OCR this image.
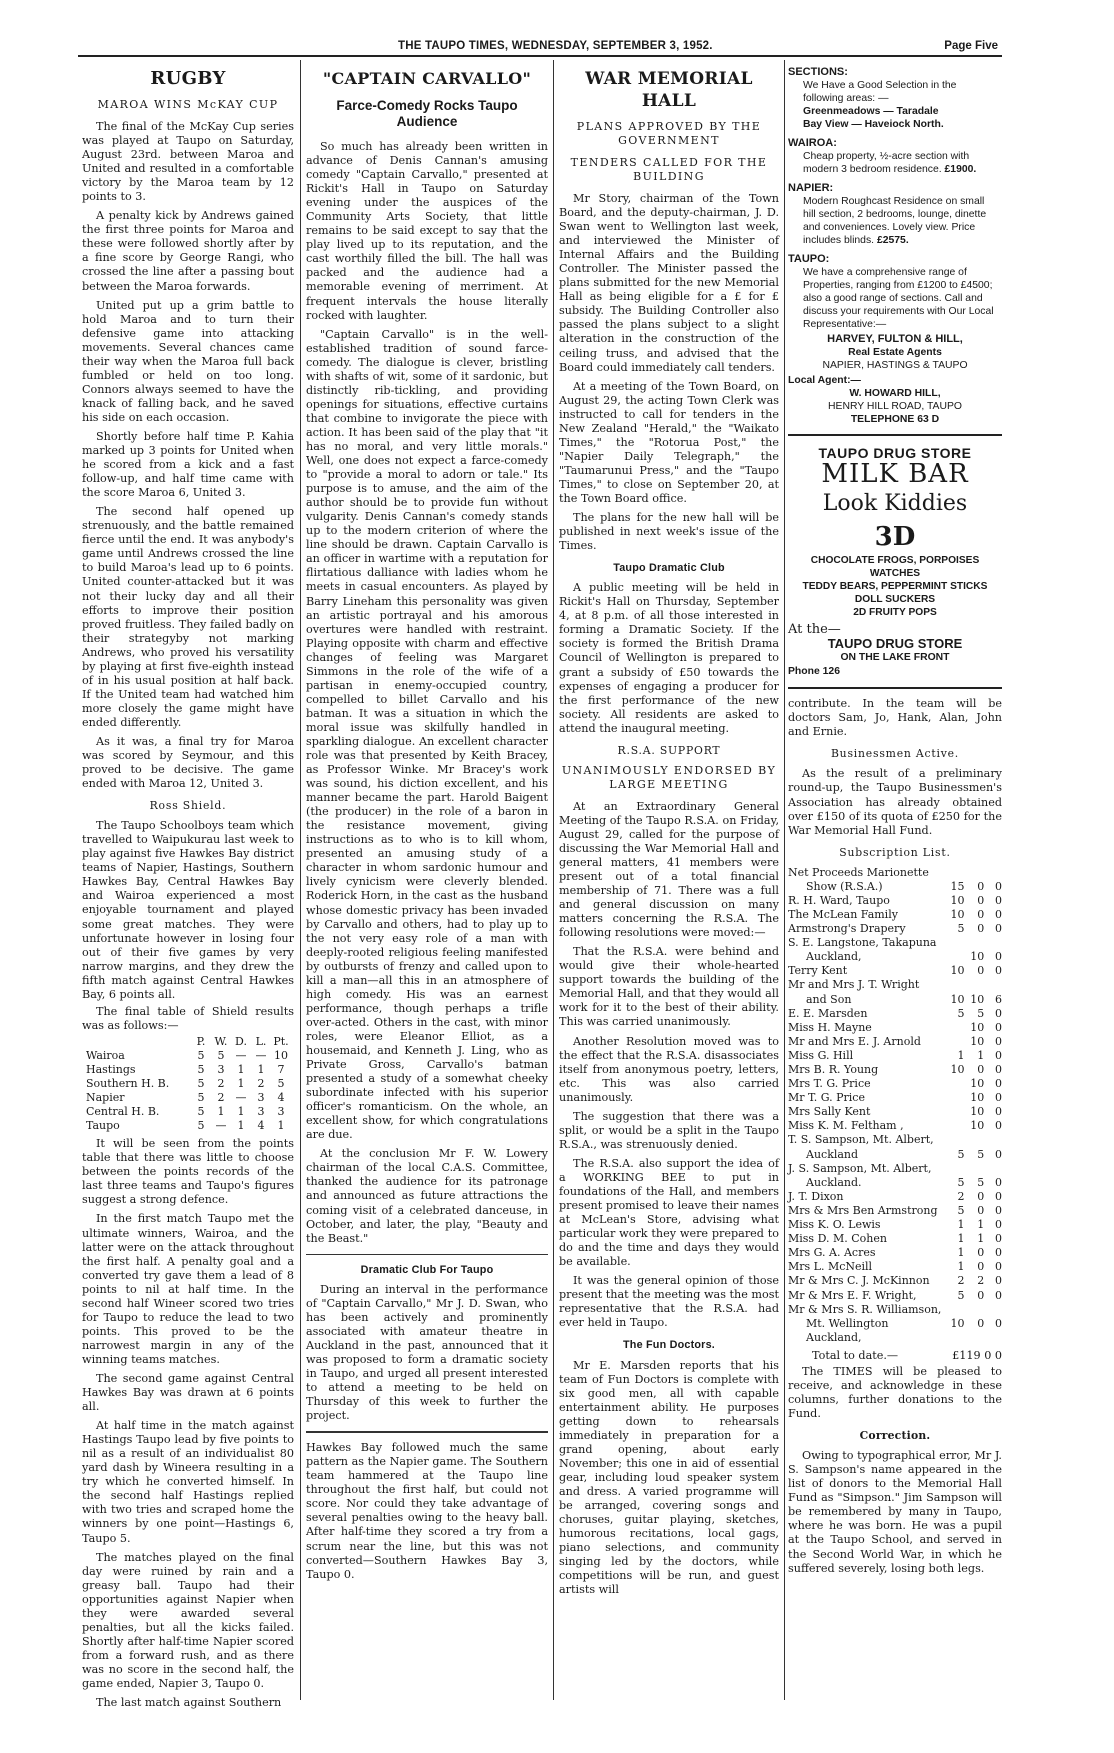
THE TAUPO TIMES, WEDNESDAY, SEPTEMBER 3, 1952.	Page Five
RUGBY
MAROA WINS McKAY CUP

The final of the McKay Cup series was played at Taupo on Saturday, August 23rd. between Maroa and United and resulted in a comfortable victory by the Maroa team by 12 points to 3.

A penalty kick by Andrews gained the first three points for Maroa and these were followed shortly after by a fine score by George Rangi, who crossed the line after a passing bout between the Maroa forwards.

United put up a grim battle to hold Maroa and to turn their defensive game into attacking movements. Several chances came their way when the Maroa full back fumbled or held on too long. Connors always seemed to have the knack of falling back, and he saved his side on each occasion.

Shortly before half time P. Kahia marked up 3 points for United when he scored from a kick and a fast follow-up, and half time came with the score Maroa 6, United 3.

The second half opened up strenuously, and the battle remained fierce until the end. It was anybody's game until Andrews crossed the line to build Maroa's lead up to 6 points. United counter-attacked but it was not their lucky day and all their efforts to improve their position proved fruitless. They failed badly on their strategyby not marking Andrews, who proved his versatility by playing at first five-eighth instead of in his usual position at half back. If the United team had watched him more closely the game might have ended differently.

As it was, a final try for Maroa was scored by Seymour, and this proved to be decisive. The game ended with Maroa 12, United 3.

Ross Shield.

The Taupo Schoolboys team which travelled to Waipukurau last week to play against five Hawkes Bay district teams of Napier, Hastings, Southern Hawkes Bay, Central Hawkes Bay and Wairoa experienced a most enjoyable tournament and played some great matches. They were unfortunate however in losing four out of their five games by very narrow margins, and they drew the fifth match against Central Hawkes Bay, 6 points all.

The final table of Shield results was as follows:—

	P.	W.	D.	L.	Pt.
Wairoa	5	5	—	—	10
Hastings	5	3	1	1	7
Southern H. B.	5	2	1	2	5
Napier	5	2	—	3	4
Central H. B.	5	1	1	3	3
Taupo	5	—	1	4	1

It will be seen from the points table that there was little to choose between the points records of the last three teams and Taupo's figures suggest a strong defence.

In the first match Taupo met the ultimate winners, Wairoa, and the latter were on the attack throughout the first half. A penalty goal and a converted try gave them a lead of 8 points to nil at half time. In the second half Wineer scored two tries for Taupo to reduce the lead to two points. This proved to be the narrowest margin in any of the winning teams matches.

The second game against Central Hawkes Bay was drawn at 6 points all.

At half time in the match against Hastings Taupo lead by five points to nil as a result of an individualist 80 yard dash by Wineera resulting in a try which he converted himself. In the second half Hastings replied with two tries and scraped home the winners by one point—Hastings 6, Taupo 5.

The matches played on the final day were ruined by rain and a greasy ball. Taupo had their opportunities against Napier when they were awarded several penalties, but all the kicks failed. Shortly after half-time Napier scored from a forward rush, and as there was no score in the second half, the game ended, Napier 3, Taupo 0.

The last match against Southern

"CAPTAIN CARVALLO"
Farce-Comedy Rocks Taupo Audience

So much has already been written in advance of Denis Cannan's amusing comedy "Captain Carvallo," presented at Rickit's Hall in Taupo on Saturday evening under the auspices of the Community Arts Society, that little remains to be said except to say that the play lived up to its reputation, and the cast worthily filled the bill. The hall was packed and the audience had a memorable evening of merriment. At frequent intervals the house literally rocked with laughter.

"Captain Carvallo" is in the well-established tradition of sound farce-comedy. The dialogue is clever, bristling with shafts of wit, some of it sardonic, but distinctly rib-tickling, and providing openings for situations, effective curtains that combine to invigorate the piece with action. It has been said of the play that "it has no moral, and very little morals." Well, one does not expect a farce-comedy to "provide a moral to adorn or tale." Its purpose is to amuse, and the aim of the author should be to provide fun without vulgarity. Denis Cannan's comedy stands up to the modern criterion of where the line should be drawn. Captain Carvallo is an officer in wartime with a reputation for flirtatious dalliance with ladies whom he meets in casual encounters. As played by Barry Lineham this personality was given an artistic portrayal and his amorous overtures were handled with restraint. Playing opposite with charm and effective changes of feeling was Margaret Simmons in the role of the wife of a partisan in enemy-occupied country, compelled to billet Carvallo and his batman. It was a situation in which the moral issue was skilfully handled in sparkling dialogue. An excellent character role was that presented by Keith Bracey, as Professor Winke. Mr Bracey's work was sound, his diction excellent, and his manner became the part. Harold Baigent (the producer) in the role of a baron in the resistance movement, giving instructions as to who is to kill whom, presented an amusing study of a character in whom sardonic humour and lively cynicism were cleverly blended. Roderick Horn, in the cast as the husband whose domestic privacy has been invaded by Carvallo and others, had to play up to the not very easy role of a man with deeply-rooted religious feeling manifested by outbursts of frenzy and called upon to kill a man—all this in an atmosphere of high comedy. His was an earnest performance, though perhaps a trifle over-acted. Others in the cast, with minor roles, were Eleanor Elliot, as a housemaid, and Kenneth J. Ling, who as Private Gross, Carvallo's batman presented a study of a somewhat cheeky subordinate infected with his superior officer's romanticism. On the whole, an excellent show, for which congratulations are due.

At the conclusion Mr F. W. Lowery chairman of the local C.A.S. Committee, thanked the audience for its patronage and announced as future attractions the coming visit of a celebrated danceuse, in October, and later, the play, "Beauty and the Beast."

Dramatic Club For Taupo

During an interval in the performance of "Captain Carvallo," Mr J. D. Swan, who has been actively and prominently associated with amateur theatre in Auckland in the past, announced that it was proposed to form a dramatic society in Taupo, and urged all present interested to attend a meeting to be held on Thursday of this week to further the project.

Hawkes Bay followed much the same pattern as the Napier game. The Southern team hammered at the Taupo line throughout the first half, but could not score. Nor could they take advantage of several penalties owing to the heavy ball. After half-time they scored a try from a scrum near the line, but this was not converted—Southern Hawkes Bay 3, Taupo 0.

WAR MEMORIAL HALL
PLANS APPROVED BY THE GOVERNMENT
TENDERS CALLED FOR THE BUILDING

Mr Story, chairman of the Town Board, and the deputy-chairman, J. D. Swan went to Wellington last week, and interviewed the Minister of Internal Affairs and the Building Controller. The Minister passed the plans submitted for the new Memorial Hall as being eligible for a £ for £ subsidy. The Building Controller also passed the plans subject to a slight alteration in the construction of the ceiling truss, and advised that the Board could immediately call tenders.

At a meeting of the Town Board, on August 29, the acting Town Clerk was instructed to call for tenders in the New Zealand "Herald," the "Waikato Times," the "Rotorua Post," the "Napier Daily Telegraph," the "Taumarunui Press," and the "Taupo Times," to close on September 20, at the Town Board office.

The plans for the new hall will be published in next week's issue of the Times.

Taupo Dramatic Club

A public meeting will be held in Rickit's Hall on Thursday, September 4, at 8 p.m. of all those interested in forming a Dramatic Society. If the society is formed the British Drama Council of Wellington is prepared to grant a subsidy of £50 towards the expenses of engaging a producer for the first performance of the new society. All residents are asked to attend the inaugural meeting.

R.S.A. SUPPORT
UNANIMOUSLY ENDORSED BY LARGE MEETING

At an Extraordinary General Meeting of the Taupo R.S.A. on Friday, August 29, called for the purpose of discussing the War Memorial Hall and general matters, 41 members were present out of a total financial membership of 71. There was a full and general discussion on many matters concerning the R.S.A. The following resolutions were moved:—

That the R.S.A. were behind and would give their whole-hearted support towards the building of the Memorial Hall, and that they would all work for it to the best of their ability. This was carried unanimously.

Another Resolution moved was to the effect that the R.S.A. disassociates itself from anonymous poetry, letters, etc. This was also carried unanimously.

The suggestion that there was a split, or would be a split in the Taupo R.S.A., was strenuously denied.

The R.S.A. also support the idea of a WORKING BEE to put in foundations of the Hall, and members present promised to leave their names at McLean's Store, advising what particular work they were prepared to do and the time and days they would be available.

It was the general opinion of those present that the meeting was the most representative that the R.S.A. had ever held in Taupo.

The Fun Doctors.

Mr E. Marsden reports that his team of Fun Doctors is complete with six good men, all with capable entertainment ability. He purposes getting down to rehearsals immediately in preparation for a grand opening, about early November; this one in aid of essential gear, including loud speaker system and dress. A varied programme will be arranged, covering songs and choruses, guitar playing, sketches, humorous recitations, local gags, piano selections, and community singing led by the doctors, while competitions will be run, and guest artists will

SECTIONS:
We Have a Good Selection in the following areas: —
Greenmeadows — Taradale
Bay View — Haveiock North.
WAIROA:
Cheap property, ½-acre section with modern 3 bedroom residence. £1900.
NAPIER:
Modern Roughcast Residence on small hill section, 2 bedrooms, lounge, dinette and conveniences. Lovely view. Price includes blinds. £2575.
TAUPO:
We have a comprehensive range of Properties, ranging from £1200 to £4500; also a good range of sections. Call and discuss your requirements with Our Local Representative:—
HARVEY, FULTON & HILL,
Real Estate Agents
NAPIER, HASTINGS & TAUPO
Local Agent:—
W. HOWARD HILL,
HENRY HILL ROAD, TAUPO
TELEPHONE 63 D
TAUPO DRUG STORE
MILK BAR
Look Kiddies
3D
CHOCOLATE FROGS, PORPOISES
WATCHES
TEDDY BEARS, PEPPERMINT STICKS
DOLL SUCKERS
2D FRUITY POPS
At the—
TAUPO DRUG STORE
ON THE LAKE FRONT
Phone 126

contribute. In the team will be doctors Sam, Jo, Hank, Alan, John and Ernie.

Businessmen Active.

As the result of a preliminary round-up, the Taupo Businessmen's Association has already obtained over £150 of its quota of £250 for the War Memorial Hall Fund.

Subscription List.
Net Proceeds Marionette			
Show (R.S.A.)	15	0	0
R. H. Ward, Taupo	10	0	0
The McLean Family	10	0	0
Armstrong's Drapery	5	0	0
S. E. Langstone, Takapuna			
Auckland,		10	0
Terry Kent	10	0	0
Mr and Mrs J. T. Wright			
and Son	10	10	6
E. E. Marsden	5	5	0
Miss H. Mayne		10	0
Mr and Mrs E. J. Arnold		10	0
Miss G. Hill	1	1	0
Mrs B. R. Young	10	0	0
Mrs T. G. Price		10	0
Mr T. G. Price		10	0
Mrs Sally Kent		10	0
Miss K. M. Feltham ,		10	0
T. S. Sampson, Mt. Albert,			
Auckland	5	5	0
J. S. Sampson, Mt. Albert,			
Auckland.	5	5	0
J. T. Dixon	2	0	0
Mrs & Mrs Ben Armstrong	5	0	0
Miss K. O. Lewis	1	1	0
Miss D. M. Cohen	1	1	0
Mrs G. A. Acres	1	0	0
Mrs L. McNeill	1	0	0
Mr & Mrs C. J. McKinnon	2	2	0
Mr & Mrs E. F. Wright,	5	0	0
Mr & Mrs S. R. Williamson,			
Mt. Wellington Auckland,	10	0	0
Total to date.—	£119 0 0

The TIMES will be pleased to receive, and acknowledge in these columns, further donations to the Fund.

Correction.

Owing to typographical error, Mr J. S. Sampson's name appeared in the list of donors to the Memorial Hall Fund as "Simpson." Jim Sampson will be remembered by many in Taupo, where he was born. He was a pupil at the Taupo School, and served in the Second World War, in which he suffered severely, losing both legs.
